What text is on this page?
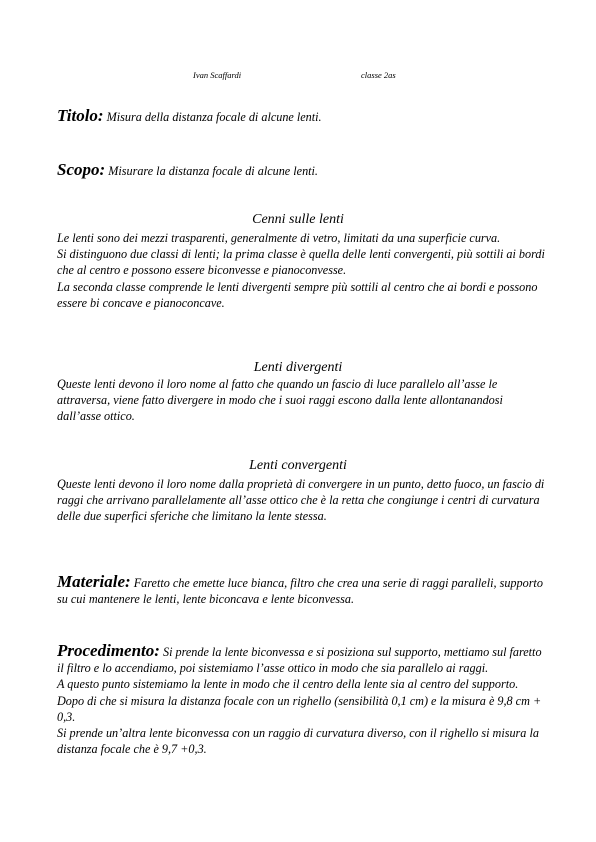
Ivan Scaffardi	classe 2as
Titolo: Misura della distanza focale di alcune lenti.
Scopo: Misurare la distanza focale di alcune lenti.
Cenni sulle lenti
Le lenti sono dei mezzi trasparenti, generalmente di vetro, limitati da una superficie curva.
Si distinguono due classi di lenti; la prima classe è quella delle lenti convergenti, più sottili ai bordi che al centro e possono essere biconvesse e pianoconvesse.
La seconda classe comprende le lenti divergenti sempre più sottili al centro che ai bordi e possono essere bi concave e pianoconcave.
Lenti divergenti
Queste lenti devono il loro nome al fatto che quando un fascio di luce parallelo all’asse le attraversa, viene fatto divergere in modo che i suoi raggi escono dalla lente allontanandosi dall’asse ottico.
Lenti convergenti
Queste lenti devono il loro nome dalla proprietà di convergere in un punto, detto fuoco, un fascio di raggi che arrivano parallelamente all’asse ottico che è la retta che congiunge i centri di curvatura delle due superfici sferiche che limitano la lente stessa.
Materiale: Faretto che emette luce bianca, filtro che crea una serie di raggi paralleli, supporto su cui mantenere le lenti, lente biconcava e lente biconvessa.
Procedimento: Si prende la lente biconvessa e si posiziona sul supporto, mettiamo sul faretto il filtro e lo accendiamo, poi sistemiamo l’asse ottico in modo che sia parallelo ai raggi.
A questo punto sistemiamo la lente in modo che il centro della lente sia al centro del supporto. Dopo di che si misura la distanza focale con un righello (sensibilità 0,1 cm) e la misura è 9,8 cm + 0,3.
Si prende un’altra lente biconvessa con un raggio di curvatura diverso, con il righello si misura la distanza focale che è 9,7 +0,3.
